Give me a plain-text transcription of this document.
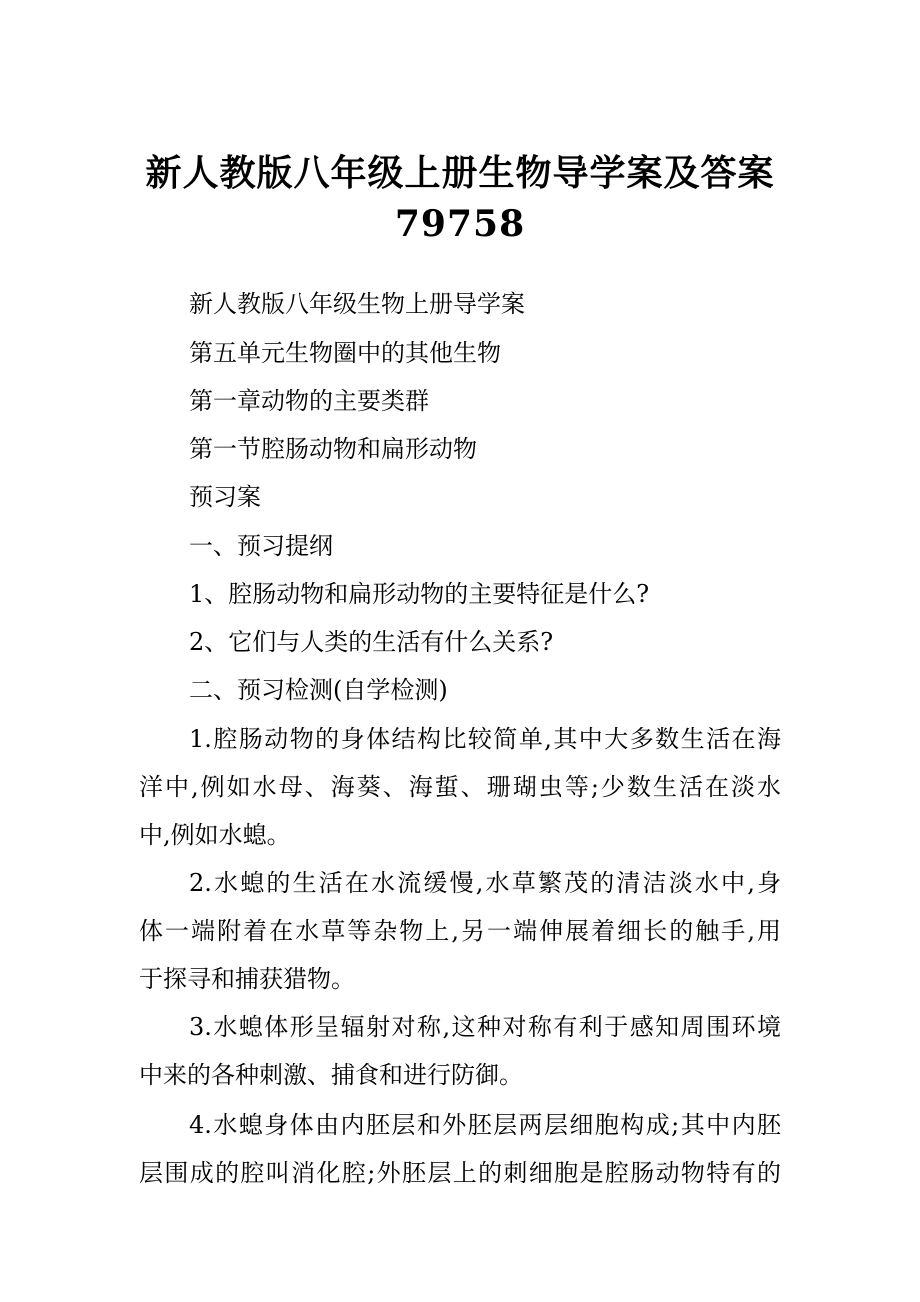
新人教版八年级上册生物导学案及答案
79758

新人教版八年级生物上册导学案

第五单元生物圈中的其他生物

第一章动物的主要类群

第一节腔肠动物和扁形动物

预习案

一、预习提纲

1、腔肠动物和扁形动物的主要特征是什么?

2、它们与人类的生活有什么关系?

二、预习检测(自学检测)

1.腔肠动物的身体结构比较简单,其中大多数生活在海

洋中,例如水母、海葵、海蜇、珊瑚虫等;少数生活在淡水

中,例如水螅。

2.水螅的生活在水流缓慢,水草繁茂的清洁淡水中,身

体一端附着在水草等杂物上,另一端伸展着细长的触手,用

于探寻和捕获猎物。

3.水螅体形呈辐射对称,这种对称有利于感知周围环境

中来的各种刺激、捕食和进行防御。

4.水螅身体由内胚层和外胚层两层细胞构成;其中内胚

层围成的腔叫消化腔;外胚层上的刺细胞是腔肠动物特有的
